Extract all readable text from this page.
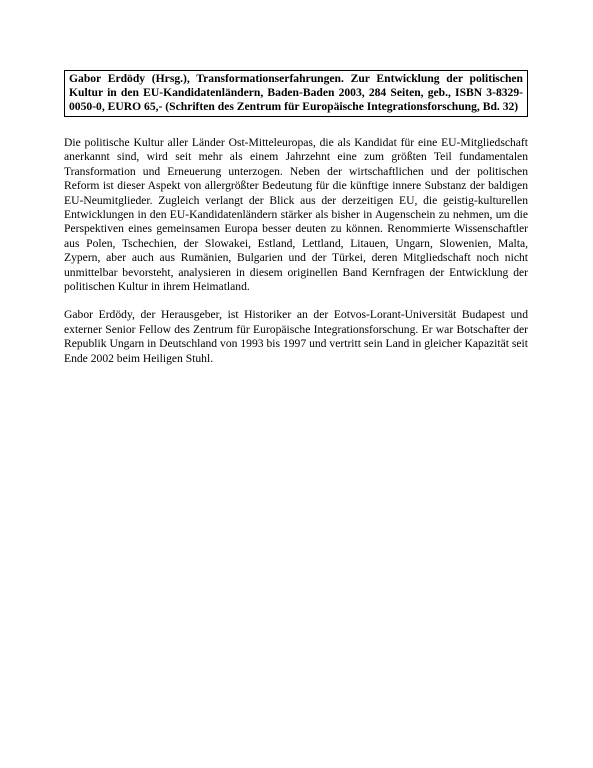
Gabor Erdödy (Hrsg.), Transformationserfahrungen. Zur Entwicklung der politischen Kultur in den EU-Kandidatenländern, Baden-Baden 2003, 284 Seiten, geb., ISBN 3-8329-0050-0, EURO 65,- (Schriften des Zentrum für Europäische Integrationsforschung, Bd. 32)

Die politische Kultur aller Länder Ost-Mitteleuropas, die als Kandidat für eine EU-Mitgliedschaft anerkannt sind, wird seit mehr als einem Jahrzehnt eine zum größten Teil fundamentalen Transformation und Erneuerung unterzogen. Neben der wirtschaftlichen und der politischen Reform ist dieser Aspekt von allergrößter Bedeutung für die künftige innere Substanz der baldigen EU-Neumitglieder. Zugleich verlangt der Blick aus der derzeitigen EU, die geistig-kulturellen Entwicklungen in den EU-Kandidatenländern stärker als bisher in Augenschein zu nehmen, um die Perspektiven eines gemeinsamen Europa besser deuten zu können. Renommierte Wissenschaftler aus Polen, Tschechien, der Slowakei, Estland, Lettland, Litauen, Ungarn, Slowenien, Malta, Zypern, aber auch aus Rumänien, Bulgarien und der Türkei, deren Mitgliedschaft noch nicht unmittelbar bevorsteht, analysieren in diesem originellen Band Kernfragen der Entwicklung der politischen Kultur in ihrem Heimatland.

Gabor Erdödy, der Herausgeber, ist Historiker an der Eotvos-Lorant-Universität Budapest und externer Senior Fellow des Zentrum für Europäische Integrationsforschung. Er war Botschafter der Republik Ungarn in Deutschland von 1993 bis 1997 und vertritt sein Land in gleicher Kapazität seit Ende 2002 beim Heiligen Stuhl.
